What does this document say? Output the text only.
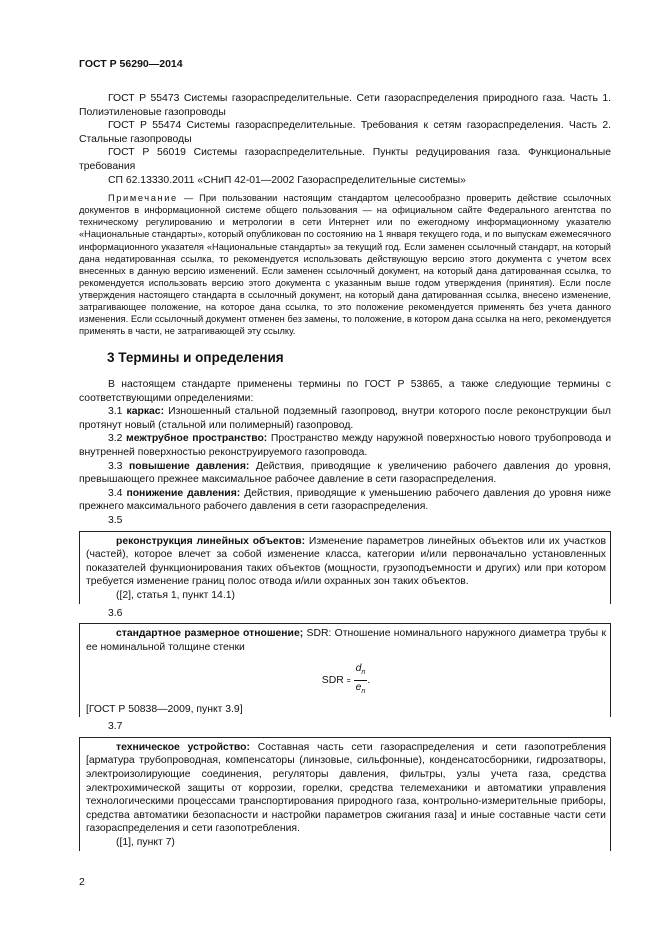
ГОСТ Р 56290—2014

ГОСТ Р 55473 Системы газораспределительные. Сети газораспределения природного газа. Часть 1. Полиэтиленовые газопроводы

ГОСТ Р 55474 Системы газораспределительные. Требования к сетям газораспределения. Часть 2. Стальные газопроводы

ГОСТ Р 56019 Системы газораспределительные. Пункты редуцирования газа. Функциональные требования

СП 62.13330.2011 «СНиП 42-01—2002 Газораспределительные системы»

Примечание — При пользовании настоящим стандартом целесообразно проверить действие ссылочных документов в информационной системе общего пользования — на официальном сайте Федерального агентства по техническому регулированию и метрологии в сети Интернет или по ежегодному информационному указателю «Национальные стандарты», который опубликован по состоянию на 1 января текущего года, и по выпускам ежемесячного информационного указателя «Национальные стандарты» за текущий год. Если заменен ссылочный стандарт, на который дана недатированная ссылка, то рекомендуется использовать действующую версию этого документа с учетом всех внесенных в данную версию изменений. Если заменен ссылочный документ, на который дана датированная ссылка, то рекомендуется использовать версию этого документа с указанным выше годом утверждения (принятия). Если после утверждения настоящего стандарта в ссылочный документ, на который дана датированная ссылка, внесено изменение, затрагивающее положение, на которое дана ссылка, то это положение рекомендуется применять без учета данного изменения. Если ссылочный документ отменен без замены, то положение, в котором дана ссылка на него, рекомендуется применять в части, не затрагивающей эту ссылку.

3 Термины и определения

В настоящем стандарте применены термины по ГОСТ Р 53865, а также следующие термины с соответствующими определениями:

3.1 каркас: Изношенный стальной подземный газопровод, внутри которого после реконструкции был протянут новый (стальной или полимерный) газопровод.

3.2 межтрубное пространство: Пространство между наружной поверхностью нового трубопровода и внутренней поверхностью реконструируемого газопровода.

3.3 повышение давления: Действия, приводящие к увеличению рабочего давления до уровня, превышающего прежнее максимальное рабочее давление в сети газораспределения.

3.4 понижение давления: Действия, приводящие к уменьшению рабочего давления до уровня ниже прежнего максимального рабочего давления в сети газораспределения.

3.5

реконструкция линейных объектов: Изменение параметров линейных объектов или их участков (частей), которое влечет за собой изменение класса, категории и/или первоначально установленных показателей функционирования таких объектов (мощности, грузоподъемности и других) или при котором требуется изменение границ полос отвода и/или охранных зон таких объектов.

([2], статья 1, пункт 14.1)

3.6

стандартное размерное отношение; SDR: Отношение номинального наружного диаметра трубы к ее номинальной толщине стенки

SDR = $\frac{d_n}{e_n}$ .

[ГОСТ Р 50838—2009, пункт 3.9]

3.7

техническое устройство: Составная часть сети газораспределения и сети газопотребления [арматура трубопроводная, компенсаторы (линзовые, сильфонные), конденсатосборники, гидрозатворы, электроизолирующие соединения, регуляторы давления, фильтры, узлы учета газа, средства электрохимической защиты от коррозии, горелки, средства телемеханики и автоматики управления технологическими процессами транспортирования природного газа, контрольно-измерительные приборы, средства автоматики безопасности и настройки параметров сжигания газа] и иные составные части сети газораспределения и сети газопотребления.

([1], пункт 7)

2
